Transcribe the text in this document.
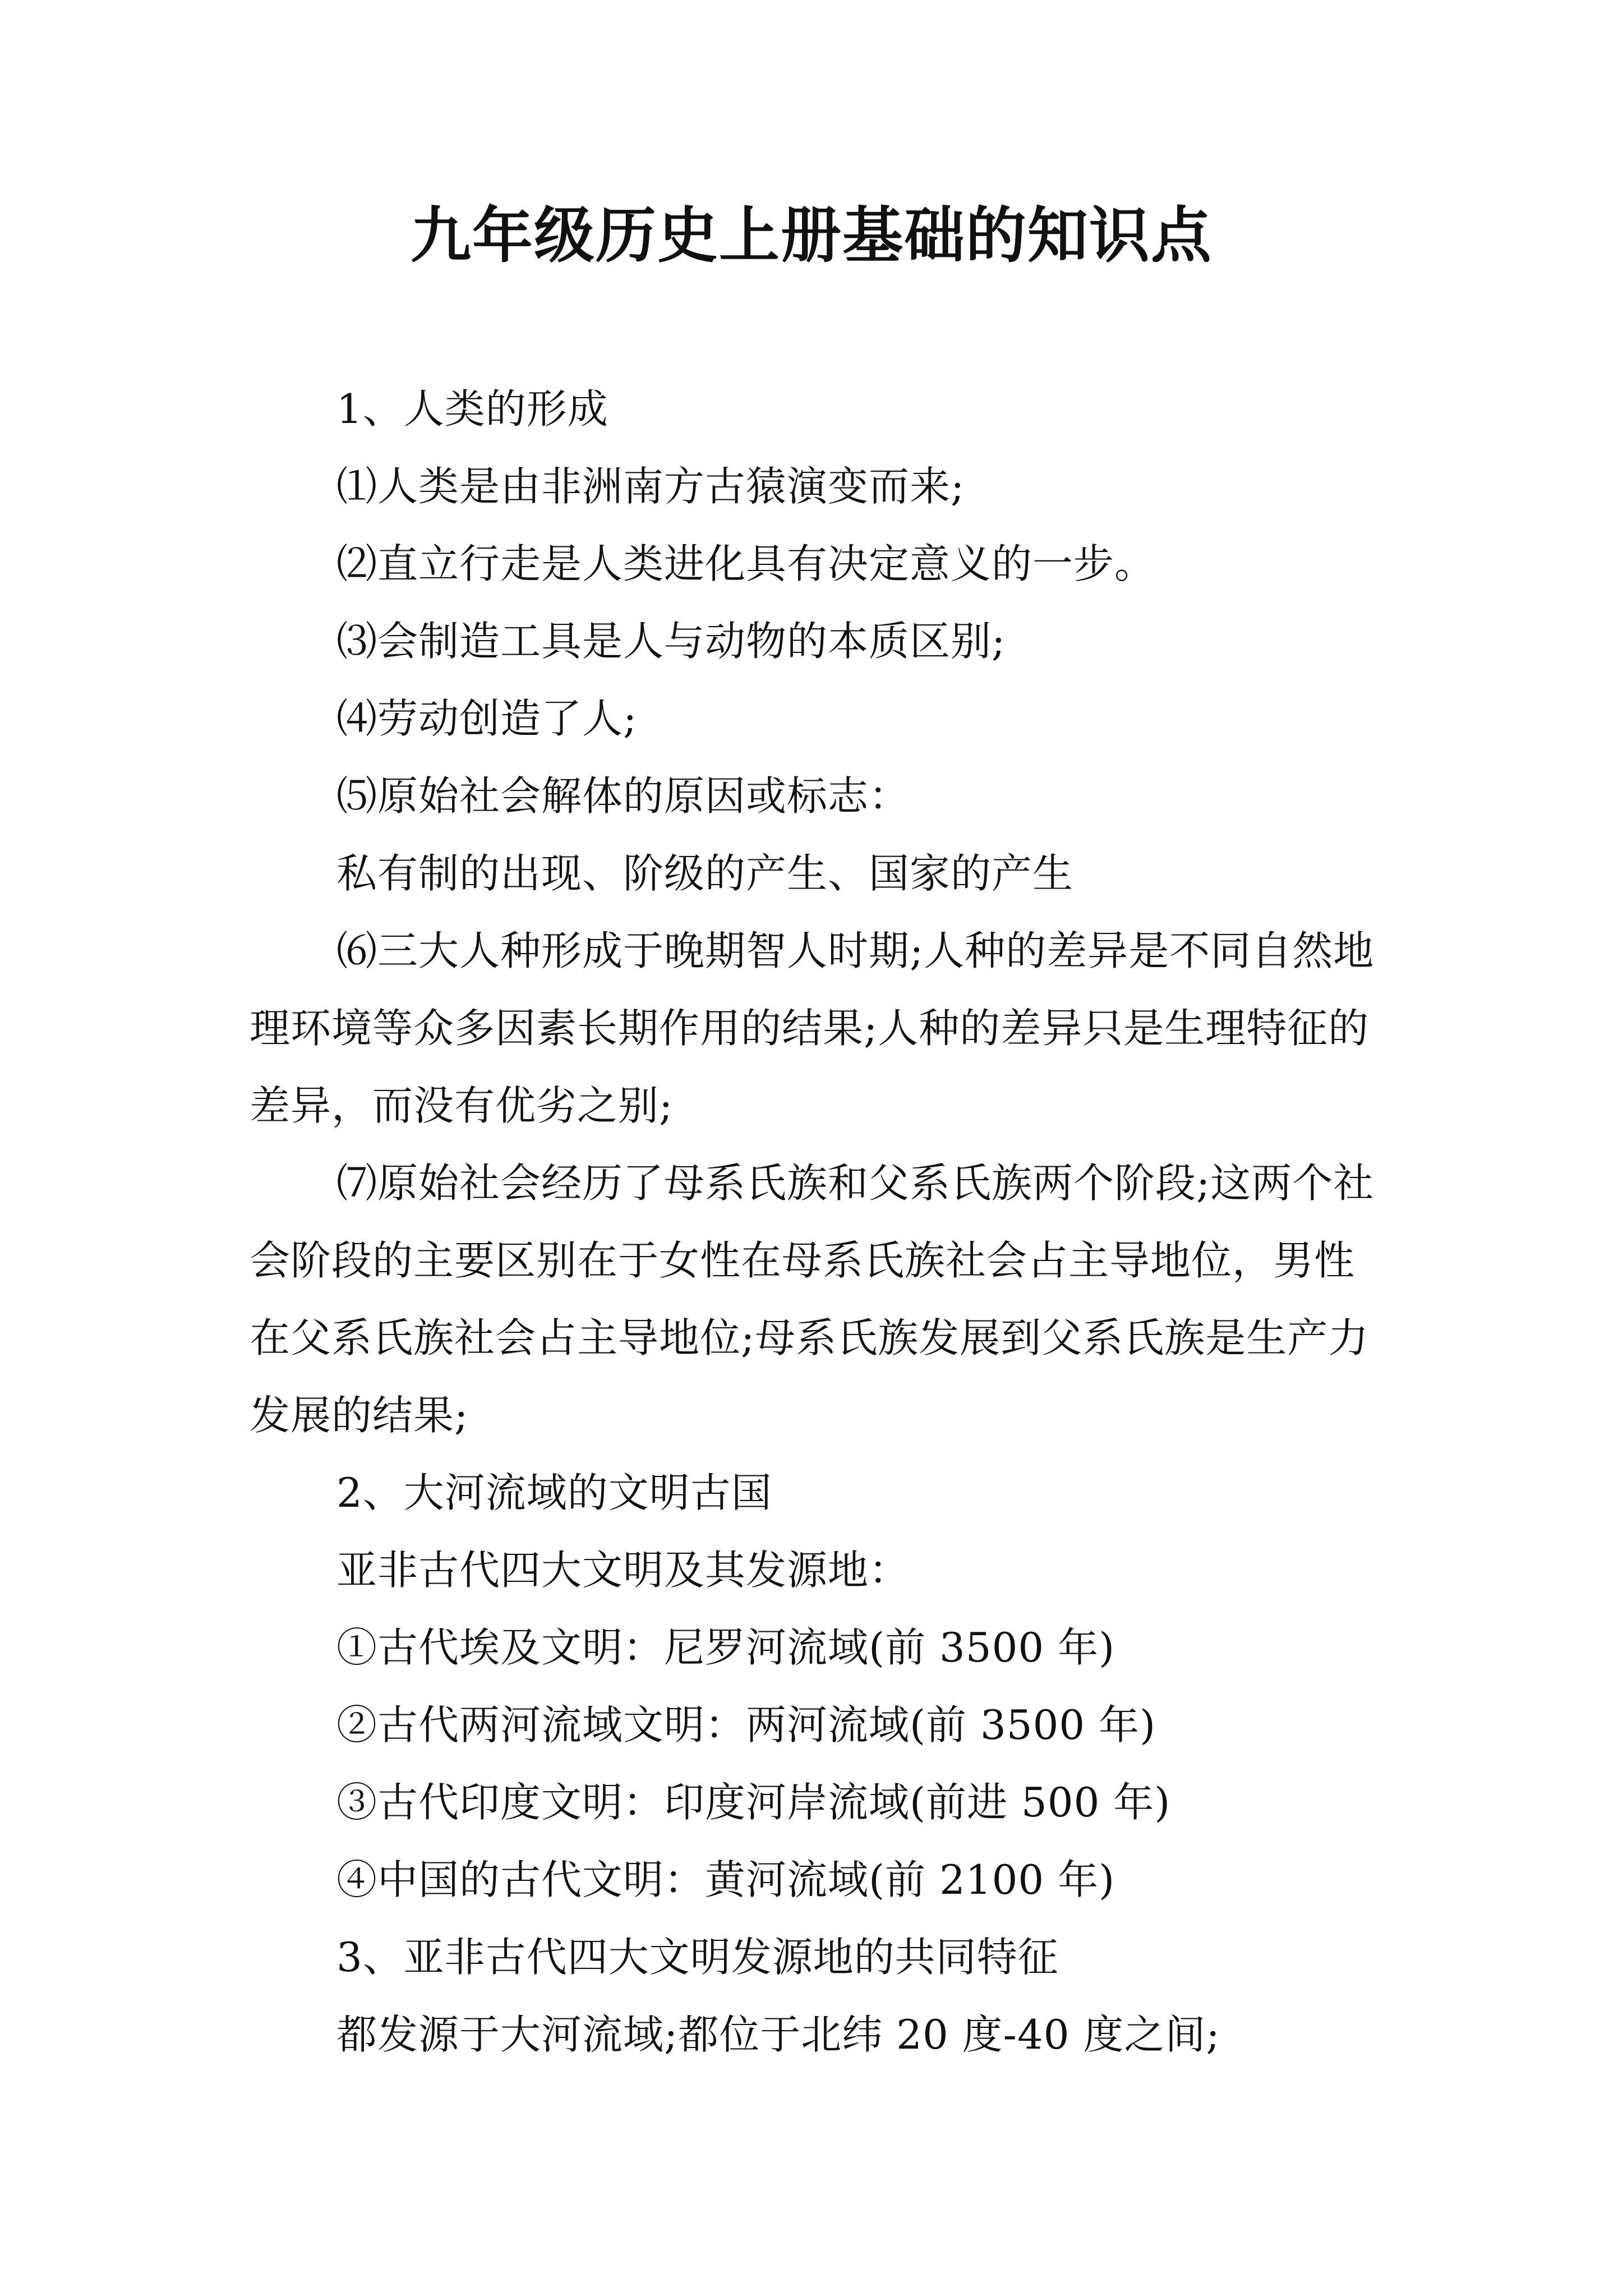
九年级历史上册基础的知识点

1、人类的形成

⑴人类是由非洲南方古猿演变而来;

⑵直立行走是人类进化具有决定意义的一步。

⑶会制造工具是人与动物的本质区别;

⑷劳动创造了人;

⑸原始社会解体的原因或标志：

私有制的出现、阶级的产生、国家的产生

⑹三大人种形成于晚期智人时期;人种的差异是不同自然地理环境等众多因素长期作用的结果;人种的差异只是生理特征的差异，而没有优劣之别;

⑺原始社会经历了母系氏族和父系氏族两个阶段;这两个社会阶段的主要区别在于女性在母系氏族社会占主导地位，男性在父系氏族社会占主导地位;母系氏族发展到父系氏族是生产力发展的结果;

2、大河流域的文明古国

亚非古代四大文明及其发源地：

①古代埃及文明：尼罗河流域(前 3500 年)

②古代两河流域文明：两河流域(前 3500 年)

③古代印度文明：印度河岸流域(前进 500 年)

④中国的古代文明：黄河流域(前 2100 年)

3、亚非古代四大文明发源地的共同特征

都发源于大河流域;都位于北纬 20 度-40 度之间;
